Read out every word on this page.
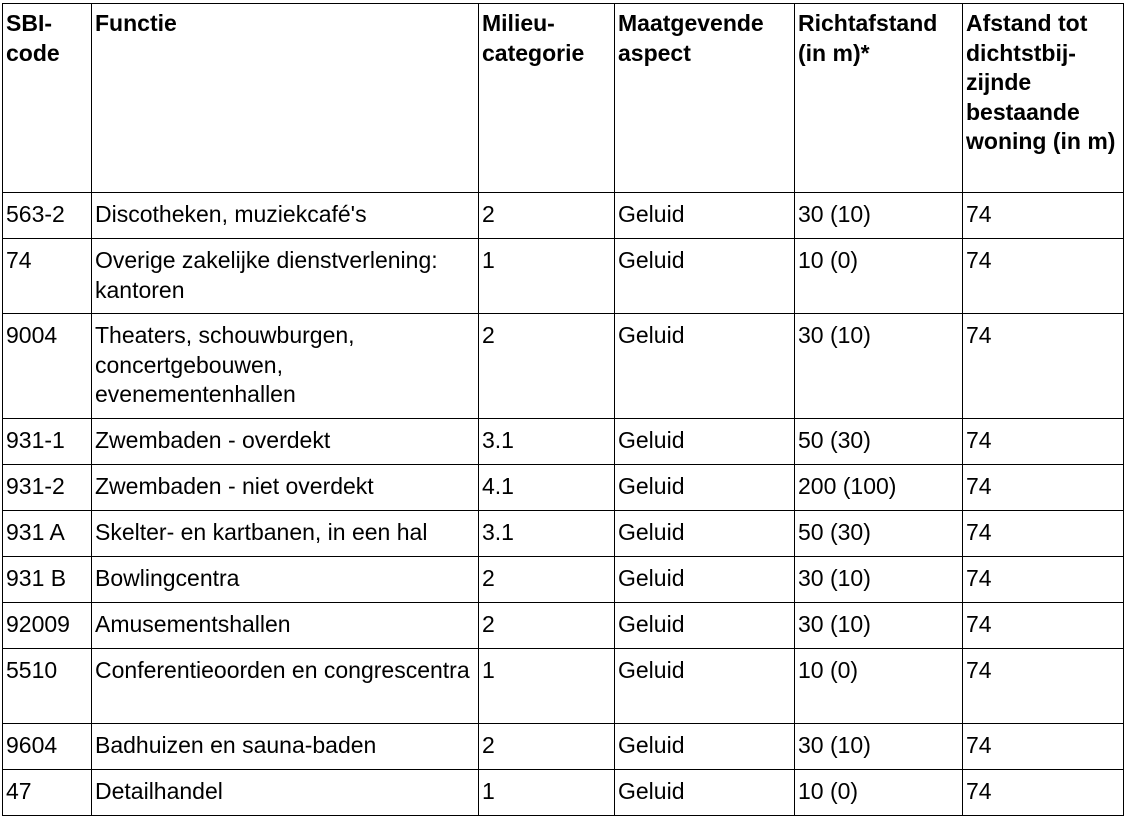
SBI-code	Functie	Milieu-categorie	Maatgevende aspect	Richtafstand (in m)*	Afstand tot dichtstbij-zijnde bestaande woning (in m)
563-2	Discotheken, muziekcafé's	2	Geluid	30 (10)	74
74	Overige zakelijke dienstverlening: kantoren	1	Geluid	10 (0)	74
9004	Theaters, schouwburgen, concertgebouwen, evenementenhallen	2	Geluid	30 (10)	74
931-1	Zwembaden - overdekt	3.1	Geluid	50 (30)	74
931-2	Zwembaden - niet overdekt	4.1	Geluid	200 (100)	74
931 A	Skelter- en kartbanen, in een hal	3.1	Geluid	50 (30)	74
931 B	Bowlingcentra	2	Geluid	30 (10)	74
92009	Amusementshallen	2	Geluid	30 (10)	74
5510	Conferentieoorden en congrescentra	1	Geluid	10 (0)	74
9604	Badhuizen en sauna-baden	2	Geluid	30 (10)	74
47	Detailhandel	1	Geluid	10 (0)	74
